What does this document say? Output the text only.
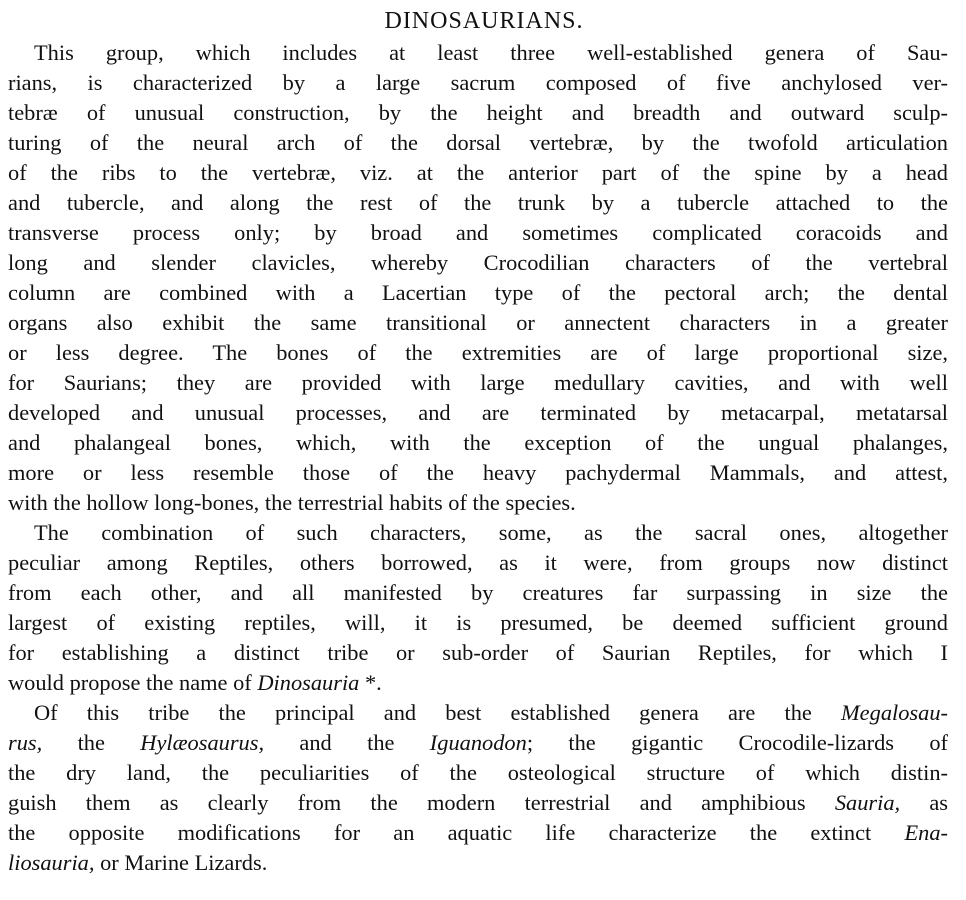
DINOSAURIANS.
This group, which includes at least three well-established genera of Sau-
rians, is characterized by a large sacrum composed of five anchylosed ver-
tebræ of unusual construction, by the height and breadth and outward sculp-
turing of the neural arch of the dorsal vertebræ, by the twofold articulation
of the ribs to the vertebræ, viz. at the anterior part of the spine by a head
and tubercle, and along the rest of the trunk by a tubercle attached to the
transverse process only; by broad and sometimes complicated coracoids and
long and slender clavicles, whereby Crocodilian characters of the vertebral
column are combined with a Lacertian type of the pectoral arch; the dental
organs also exhibit the same transitional or annectent characters in a greater
or less degree. The bones of the extremities are of large proportional size,
for Saurians; they are provided with large medullary cavities, and with well
developed and unusual processes, and are terminated by metacarpal, metatarsal
and phalangeal bones, which, with the exception of the ungual phalanges,
more or less resemble those of the heavy pachydermal Mammals, and attest,
with the hollow long-bones, the terrestrial habits of the species.
The combination of such characters, some, as the sacral ones, altogether
peculiar among Reptiles, others borrowed, as it were, from groups now distinct
from each other, and all manifested by creatures far surpassing in size the
largest of existing reptiles, will, it is presumed, be deemed sufficient ground
for establishing a distinct tribe or sub-order of Saurian Reptiles, for which I
would propose the name of Dinosauria *.
Of this tribe the principal and best established genera are the Megalosau-
rus, the Hylæosaurus, and the Iguanodon; the gigantic Crocodile-lizards of
the dry land, the peculiarities of the osteological structure of which distin-
guish them as clearly from the modern terrestrial and amphibious Sauria, as
the opposite modifications for an aquatic life characterize the extinct Ena-
liosauria, or Marine Lizards.
